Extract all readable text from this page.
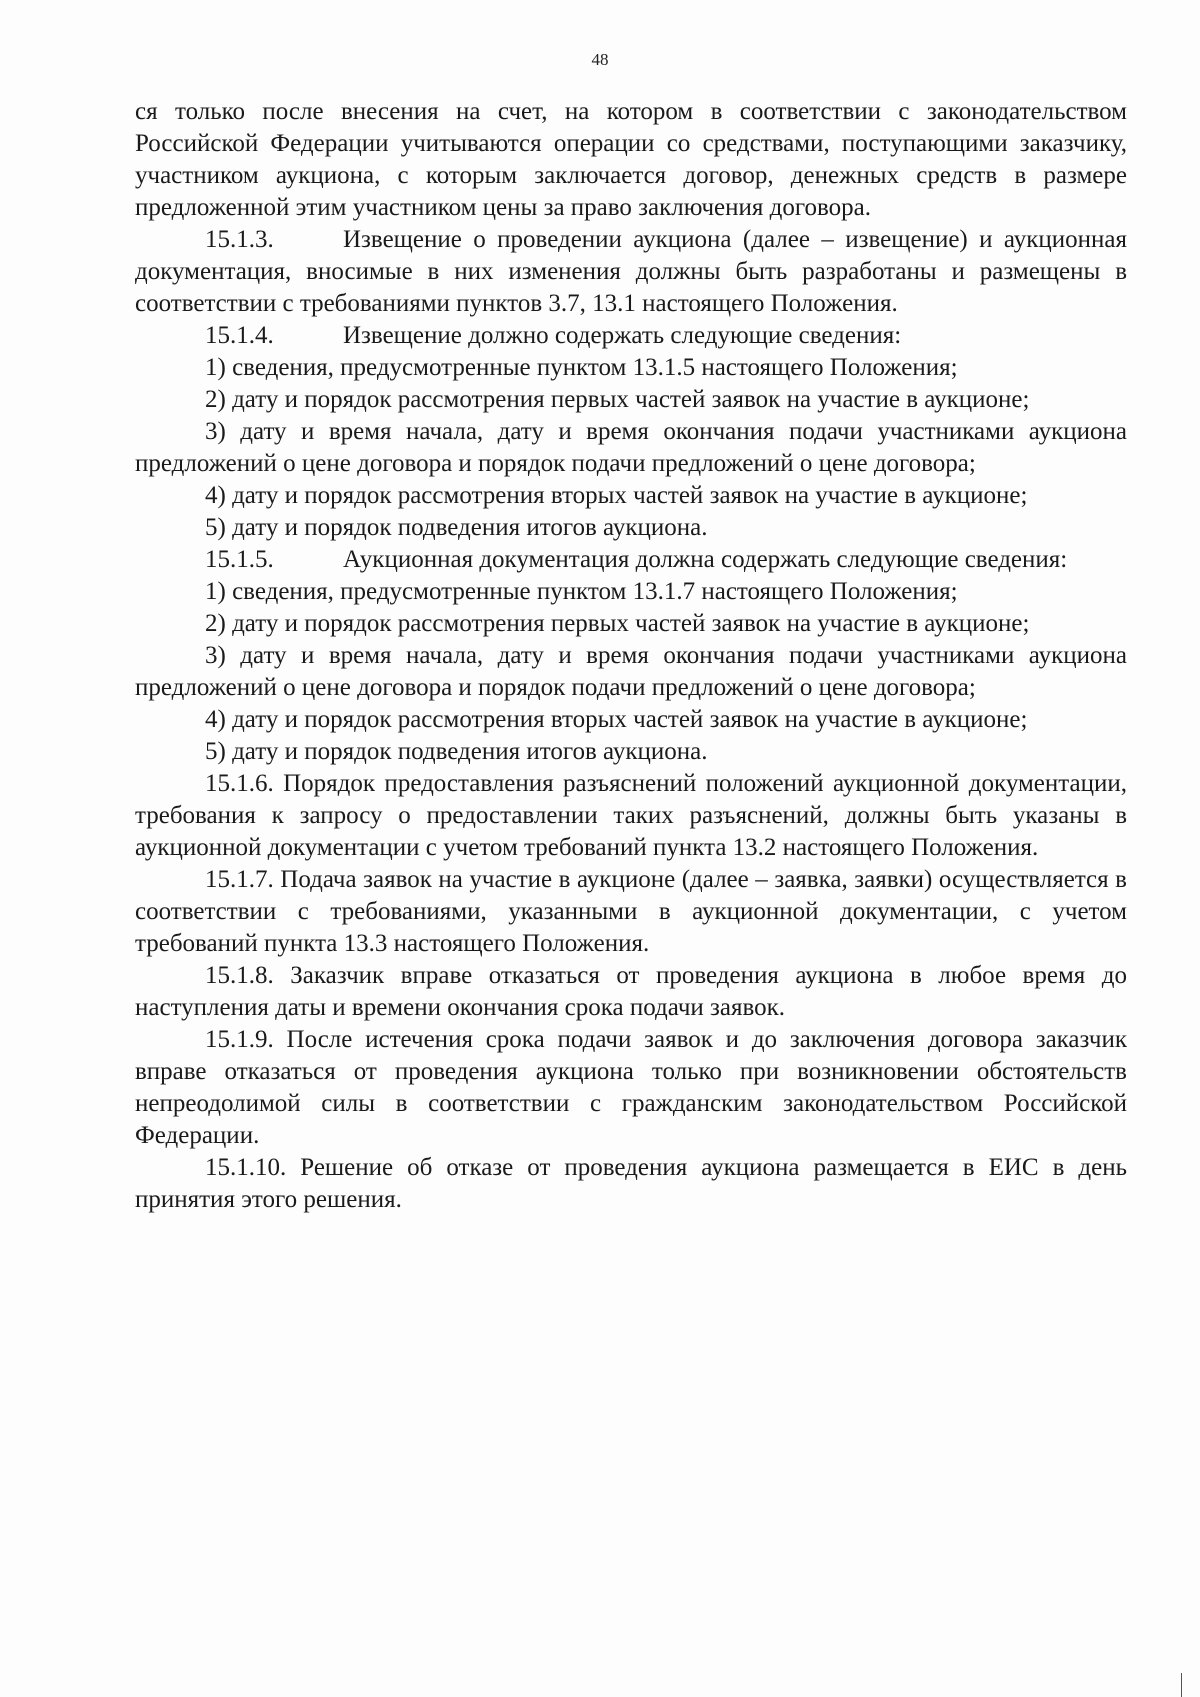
48

ся только после внесения на счет, на котором в соответствии с законодательством Российской Федерации учитываются операции со средствами, поступающими заказчику, участником аукциона, с которым заключается договор, денежных средств в размере предложенной этим участником цены за право заключения договора.

15.1.3.	Извещение о проведении аукциона (далее – извещение) и аукционная документация, вносимые в них изменения должны быть разработаны и размещены в соответствии с требованиями пунктов 3.7, 13.1 настоящего Положения.

15.1.4.	Извещение должно содержать следующие сведения:

1) сведения, предусмотренные пунктом 13.1.5 настоящего Положения;

2) дату и порядок рассмотрения первых частей заявок на участие в аукционе;

3) дату и время начала, дату и время окончания подачи участниками аукциона предложений о цене договора и порядок подачи предложений о цене договора;

4) дату и порядок рассмотрения вторых частей заявок на участие в аукционе;

5) дату и порядок подведения итогов аукциона.

15.1.5.	Аукционная документация должна содержать следующие сведения:

1) сведения, предусмотренные пунктом 13.1.7 настоящего Положения;

2) дату и порядок рассмотрения первых частей заявок на участие в аукционе;

3) дату и время начала, дату и время окончания подачи участниками аукциона предложений о цене договора и порядок подачи предложений о цене договора;

4) дату и порядок рассмотрения вторых частей заявок на участие в аукционе;

5) дату и порядок подведения итогов аукциона.

15.1.6. Порядок предоставления разъяснений положений аукционной документации, требования к запросу о предоставлении таких разъяснений, должны быть указаны в аукционной документации с учетом требований пункта 13.2 настоящего Положения.

15.1.7. Подача заявок на участие в аукционе (далее – заявка, заявки) осуществляется в соответствии с требованиями, указанными в аукционной документации, с учетом требований пункта 13.3 настоящего Положения.

15.1.8. Заказчик вправе отказаться от проведения аукциона в любое время до наступления даты и времени окончания срока подачи заявок.

15.1.9. После истечения срока подачи заявок и до заключения договора заказчик вправе отказаться от проведения аукциона только при возникновении обстоятельств непреодолимой силы в соответствии с гражданским законодательством Российской Федерации.

15.1.10. Решение об отказе от проведения аукциона размещается в ЕИС в день принятия этого решения.
